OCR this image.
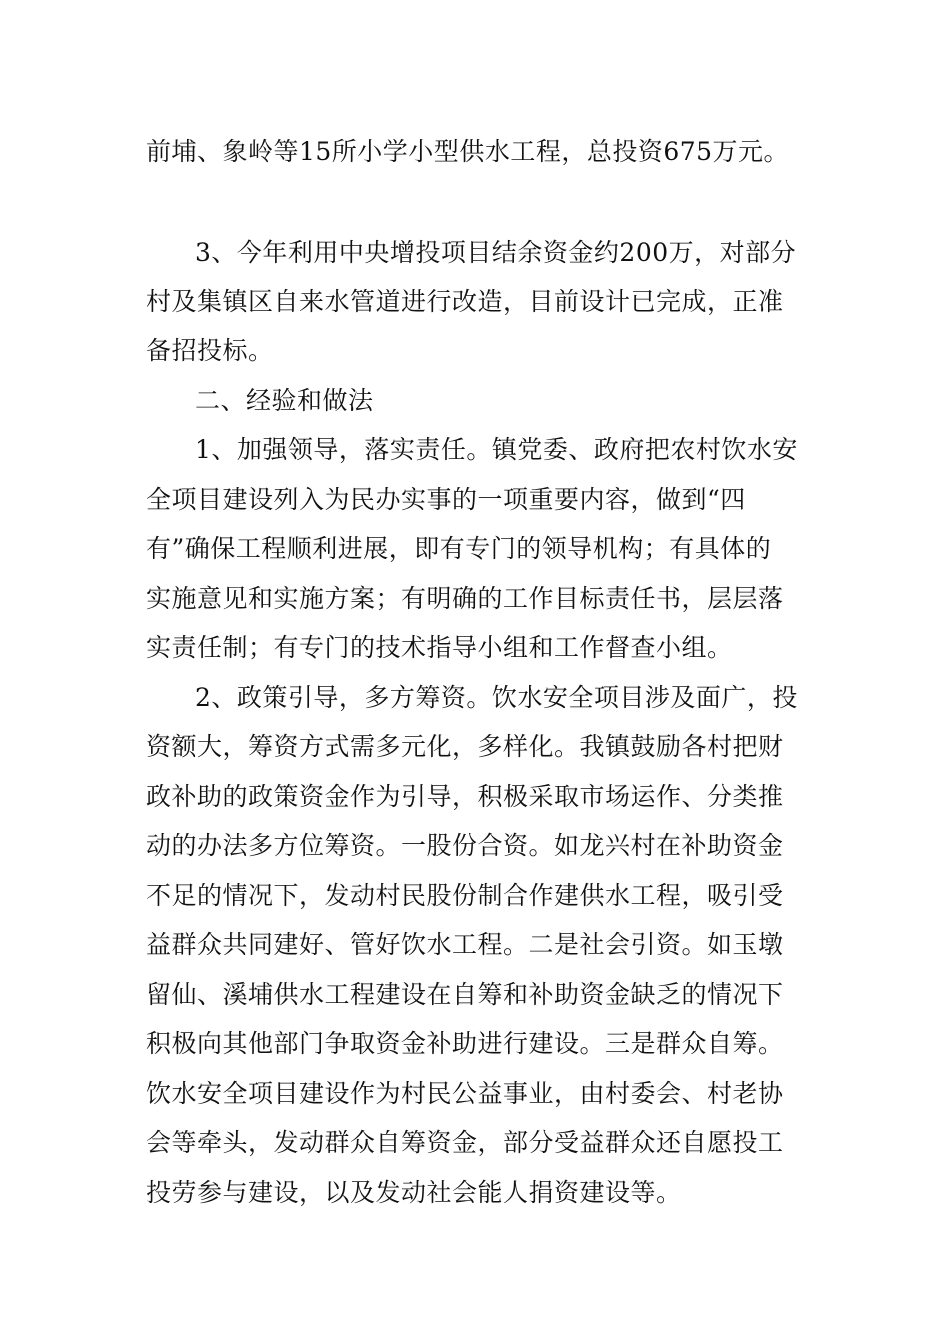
前埔、象岭等15所小学小型供水工程，总投资675万元。
3、今年利用中央增投项目结余资金约200万，对部分
村及集镇区自来水管道进行改造，目前设计已完成，正准
备招投标。
二、经验和做法
1、加强领导，落实责任。镇党委、政府把农村饮水安
全项目建设列入为民办实事的一项重要内容，做到“四
有”确保工程顺利进展，即有专门的领导机构；有具体的
实施意见和实施方案；有明确的工作目标责任书，层层落
实责任制；有专门的技术指导小组和工作督查小组。
2、政策引导，多方筹资。饮水安全项目涉及面广，投
资额大，筹资方式需多元化，多样化。我镇鼓励各村把财
政补助的政策资金作为引导，积极采取市场运作、分类推
动的办法多方位筹资。一股份合资。如龙兴村在补助资金
不足的情况下，发动村民股份制合作建供水工程，吸引受
益群众共同建好、管好饮水工程。二是社会引资。如玉墩
留仙、溪埔供水工程建设在自筹和补助资金缺乏的情况下
积极向其他部门争取资金补助进行建设。三是群众自筹。
饮水安全项目建设作为村民公益事业，由村委会、村老协
会等牵头，发动群众自筹资金，部分受益群众还自愿投工
投劳参与建设，以及发动社会能人捐资建设等。
